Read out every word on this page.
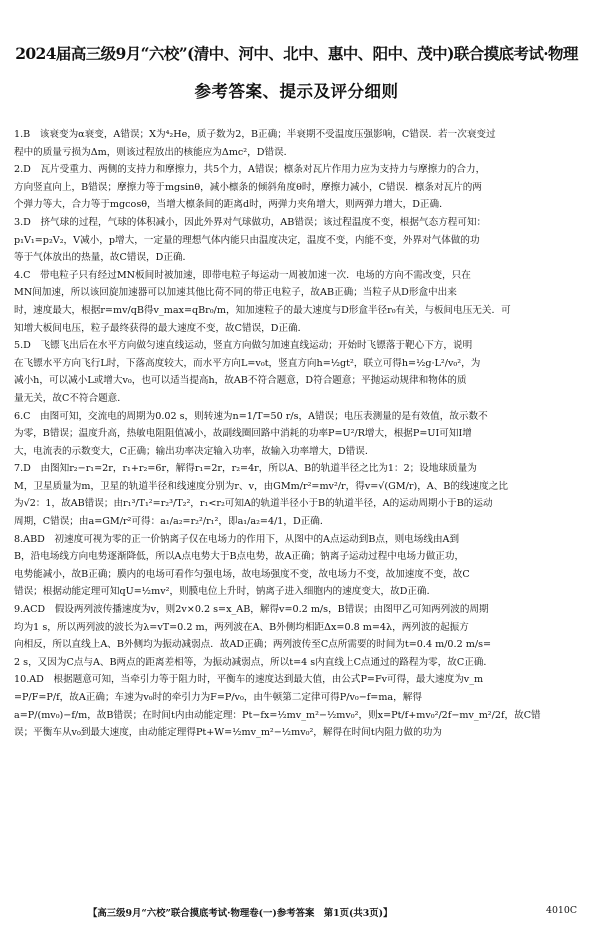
2024届高三级9月“六校”(清中、河中、北中、惠中、阳中、茂中)联合摸底考试·物理
参考答案、提示及评分细则
1.B　该衰变为α衰变，A错误；X为⁴₂He，质子数为2，B正确；半衰期不受温度压强影响，C错误．若一次衰变过
程中的质量亏损为Δm，则该过程放出的核能应为Δmc²，D错误．
2.D　瓦片受重力、两侧的支持力和摩擦力，共5个力，A错误；檩条对瓦片作用力应为支持力与摩擦力的合力，
方向竖直向上，B错误；摩擦力等于mgsinθ，减小檩条的倾斜角度θ时，摩擦力减小，C错误．檩条对瓦片的两
个弹力等大，合力等于mgcosθ，当增大檩条间的距离d时，两弹力夹角增大，则两弹力增大，D正确．
3.D　挤气球的过程，气球的体积减小，因此外界对气球做功，AB错误；该过程温度不变，根据气态方程可知：
p₁V₁=p₂V₂，V减小，p增大，一定量的理想气体内能只由温度决定，温度不变，内能不变，外界对气体做的功
等于气体放出的热量，故C错误，D正确．
4.C　带电粒子只有经过MN板间时被加速，即带电粒子每运动一周被加速一次．电场的方向不需改变，只在
MN间加速，所以该回旋加速器可以加速其他比荷不同的带正电粒子，故AB正确；当粒子从D形盒中出来
时，速度最大，根据r=mv/qB得v_max=qBr₀/m，知加速粒子的最大速度与D形盒半径r₀有关，与板间电压无关．可
知增大板间电压，粒子最终获得的最大速度不变，故C错误，D正确．
5.D　飞镖飞出后在水平方向做匀速直线运动，竖直方向做匀加速直线运动；开始时飞镖落于靶心下方，说明
在飞镖水平方向飞行L时，下落高度较大，而水平方向L=v₀t，竖直方向h=½gt²，联立可得h=½g·L²/v₀²，为
减小h，可以减小L或增大v₀，也可以适当提高h，故AB不符合题意，D符合题意；平抛运动规律和物体的质
量无关，故C不符合题意．
6.C　由图可知，交流电的周期为0.02 s，则转速为n=1/T=50 r/s，A错误；电压表测量的是有效值，故示数不
为零，B错误；温度升高，热敏电阻阻值减小，故副线圈回路中消耗的功率P=U²/R增大，根据P=UI可知I增
大，电流表的示数变大，C正确；输出功率决定输入功率，故输入功率增大，D错误．
7.D　由图知r₂−r₁=2r，r₁+r₂=6r，解得r₁=2r，r₂=4r，所以A、B的轨道半径之比为1：2；设地球质量为
M，卫星质量为m，卫星的轨道半径和线速度分别为r、v，由GMm/r²=mv²/r，得v=√(GM/r)，A、B的线速度之比
为√2：1，故AB错误；由r₁³/T₁²=r₂³/T₂²，r₁<r₂可知A的轨道半径小于B的轨道半径，A的运动周期小于B的运动
周期，C错误；由a=GM/r²可得：a₁/a₂=r₂²/r₁²，即a₁/a₂=4/1，D正确．
8.ABD　初速度可视为零的正一价钠离子仅在电场力的作用下，从图中的A点运动到B点，则电场线由A到
B，沿电场线方向电势逐渐降低，所以A点电势大于B点电势，故A正确；钠离子运动过程中电场力做正功，
电势能减小，故B正确；膜内的电场可看作匀强电场，故电场强度不变，故电场力不变，故加速度不变，故C
错误；根据动能定理可知qU=½mv²，则膜电位上升时，钠离子进入细胞内的速度变大，故D正确．
9.ACD　假设两列波传播速度为v，则2v×0.2 s=x_AB，解得v=0.2 m/s，B错误；由图甲乙可知两列波的周期
均为1 s，所以两列波的波长为λ=vT=0.2 m，两列波在A、B外侧均相距Δx=0.8 m=4λ，两列波的起振方
向相反，所以直线上A、B外侧均为振动减弱点．故AD正确；两列波传至C点所需要的时间为t=0.4 m/0.2 m/s=
2 s，又因为C点与A、B两点的距离差相等，为振动减弱点，所以t=4 s内直线上C点通过的路程为零，故C正确．
10.AD　根据题意可知，当牵引力等于阻力时，平衡车的速度达到最大值，由公式P=Fv可得，最大速度为v_m
=P/F=P/f，故A正确；车速为v₀时的牵引力为F=P/v₀，由牛顿第二定律可得P/v₀−f=ma，解得
a=P/(mv₀)−f/m，故B错误；在时间t内由动能定理：Pt−fx=½mv_m²−½mv₀²，则x=Pt/f+mv₀²/2f−mv_m²/2f，故C错
误；平衡车从v₀到最大速度，由动能定理得Pt+W=½mv_m²−½mv₀²，解得在时间t内阻力做的功为
【高三级9月“六校”联合摸底考试·物理卷(一)参考答案　第1页(共3页)】	4010C
